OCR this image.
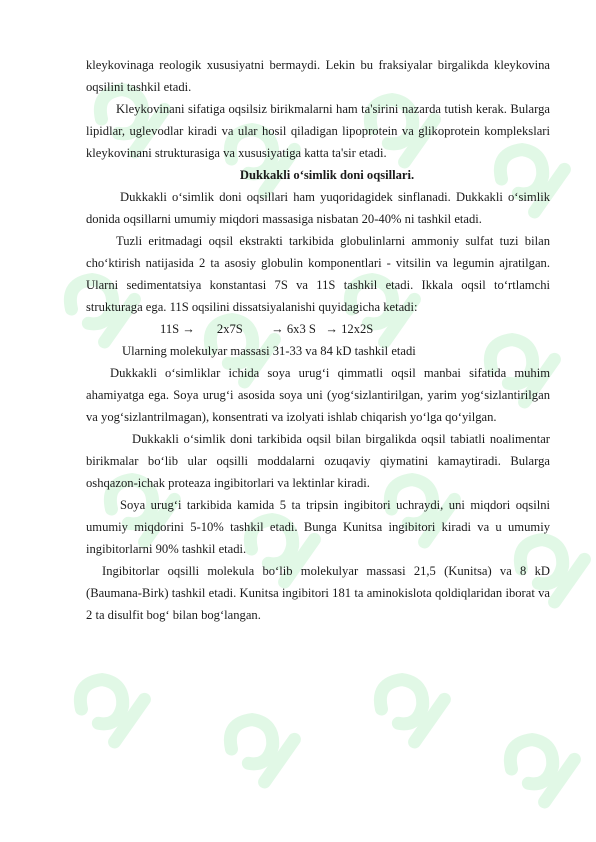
kleykovinaga reologik xususiyatni bermaydi. Lekin bu fraksiyalar birgalikda kleykovina oqsilini tashkil etadi.

Kleykovinani sifatiga oqsilsiz birikmalarni ham ta'sirini nazarda tutish kerak. Bularga lipidlar, uglevodlar kiradi va ular hosil qiladigan lipoprotein va glikoprotein komplekslari kleykovinani strukturasiga va xususiyatiga katta ta'sir etadi.

Dukkakli o‘simlik doni oqsillari.

Dukkakli o‘simlik doni oqsillari ham yuqoridagidek sinflanadi. Dukkakli o‘simlik donida oqsillarni umumiy miqdori massasiga nisbatan 20-40% ni tashkil etadi.

Tuzli eritmadagi oqsil ekstrakti tarkibida globulinlarni ammoniy sulfat tuzi bilan cho‘ktirish natijasida 2 ta asosiy globulin komponentlari - vitsilin va legumin ajratilgan. Ularni sedimentatsiya konstantasi 7S va 11S tashkil etadi. Ikkala oqsil to‘rtlamchi strukturaga ega. 11S oqsilini dissatsiyalanishi quyidagicha ketadi:

11S →       2x7S         → 6x3 S   → 12x2S

Ularning molekulyar massasi 31-33 va 84 kD tashkil etadi

Dukkakli o‘simliklar ichida soya urug‘i qimmatli oqsil manbai sifatida muhim ahamiyatga ega. Soya urug‘i asosida soya uni (yog‘sizlantirilgan, yarim yog‘sizlantirilgan va yog‘sizlantrilmagan), konsentrati va izolyati ishlab chiqarish yo‘lga qo‘yilgan.

Dukkakli o‘simlik doni tarkibida oqsil bilan birgalikda oqsil tabiatli noalimentar birikmalar bo‘lib ular oqsilli moddalarni ozuqaviy qiymatini kamaytiradi. Bularga oshqazon-ichak proteaza ingibitorlari va lektinlar kiradi.

Soya urug‘i tarkibida kamida 5 ta tripsin ingibitori uchraydi, uni miqdori oqsilni umumiy miqdorini 5-10% tashkil etadi. Bunga Kunitsa ingibitori kiradi va u umumiy ingibitorlarni 90% tashkil etadi.

Ingibitorlar oqsilli molekula bo‘lib molekulyar massasi 21,5 (Kunitsa) va 8 kD (Baumana-Birk) tashkil etadi. Kunitsa ingibitori 181 ta aminokislota qoldiqlaridan iborat va 2 ta disulfit bog‘ bilan bog‘langan.
